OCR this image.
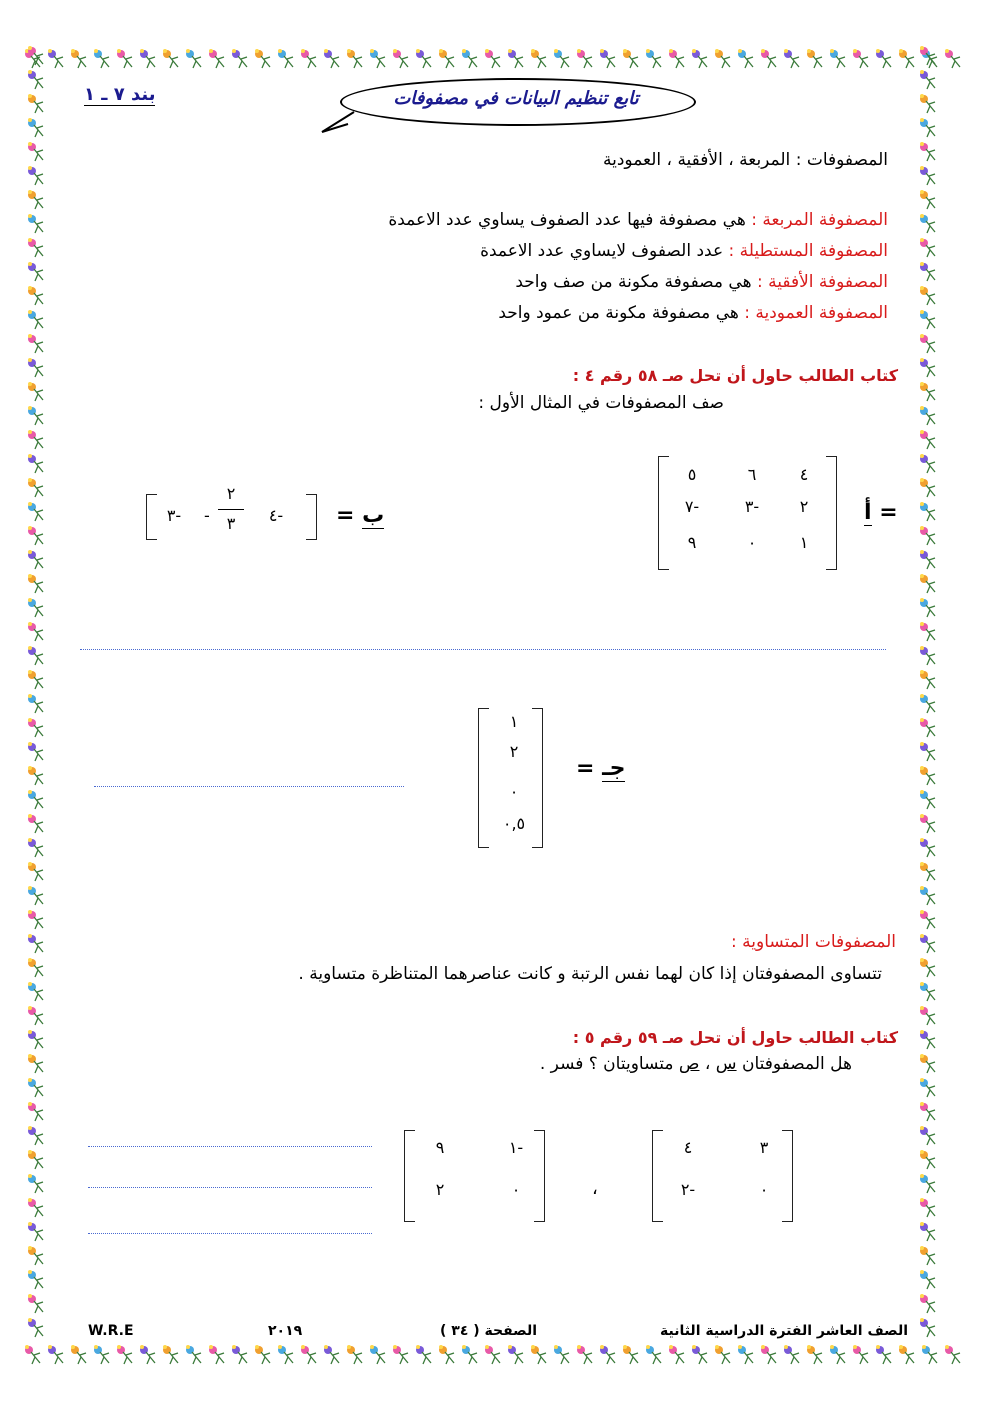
بند ٧ ـ ١	تابع تنظيم البيانات في مصفوفات
المصفوفات : المربعة ، الأفقية ، العمودية
المصفوفة المربعة : هي مصفوفة فيها عدد الصفوف يساوي عدد الاعمدة
المصفوفة المستطيلة : عدد الصفوف لايساوي عدد الاعمدة
المصفوفة الأفقية : هي مصفوفة مكونة من صف واحد
المصفوفة العمودية : هي مصفوفة مكونة من عمود واحد
كتاب الطالب حاول أن تحل صـ ٥٨ رقم ٤ :
صف المصفوفات في المثال الأول :
= أ
٤
٦
٥
٢
٣-
٧-
١
٠
٩
ب =
٤-
٢
٣
-
٣-
جـ =
١
٢
٠
٠,٥
المصفوفات المتساوية :
تتساوى المصفوفتان إذا كان لهما نفس الرتبة و كانت عناصرهما المتناظرة متساوية .
كتاب الطالب حاول أن تحل صـ ٥٩ رقم ٥ :
هل المصفوفتان س ، ص متساويتان ؟ فسر .
٣
٤
٠
٢-
،
١-
٩
٠
٢
الصف العاشر الفترة الدراسية الثانية
الصفحة ( ٣٤ )
٢٠١٩
W.R.E
